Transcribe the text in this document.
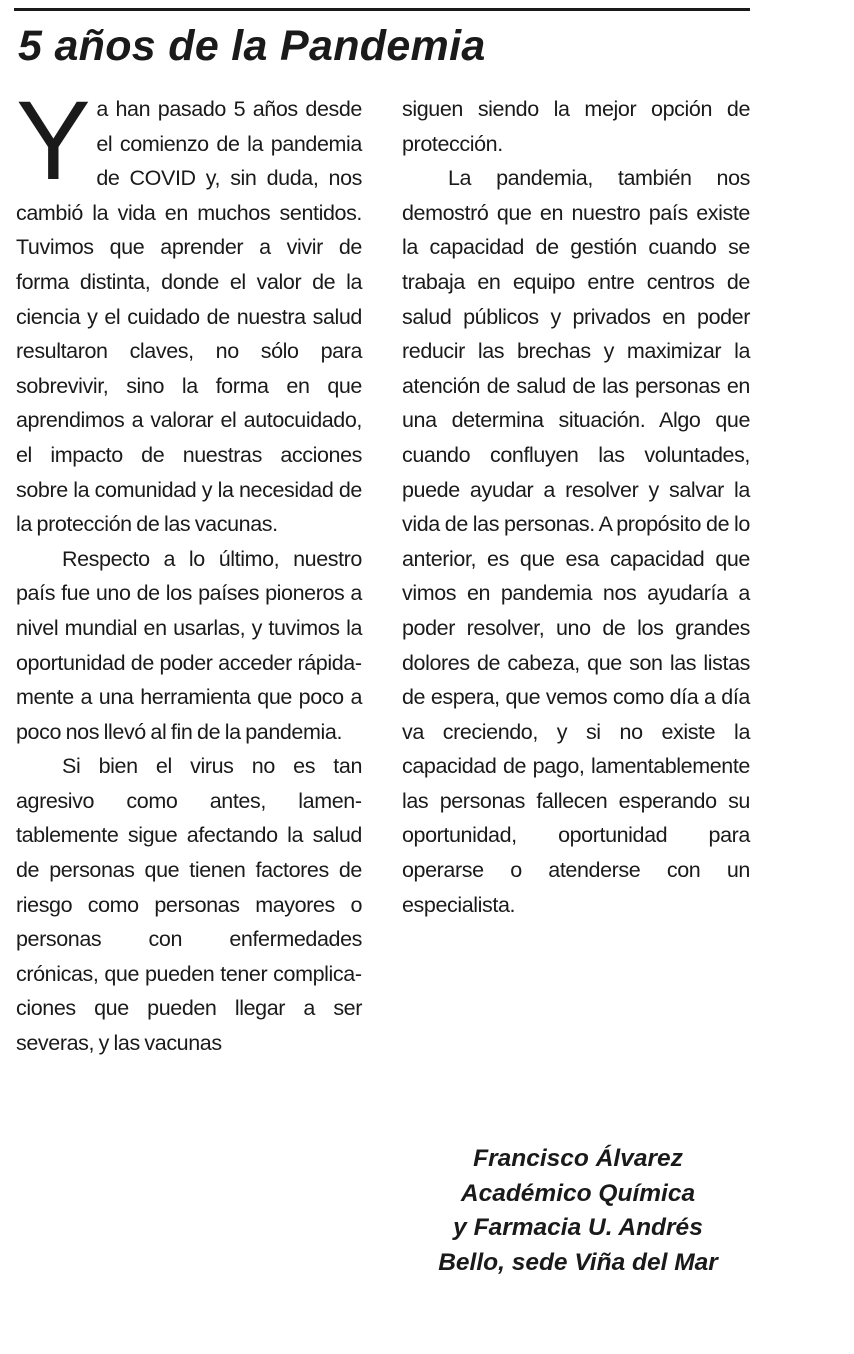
5 años de la Pandemia

Ya han pasado 5 años desde el comienzo de la pandemia de COVID y, sin duda, nos cambió la vida en muchos sentidos. Tuvimos que aprender a vivir de forma distinta, donde el valor de la ciencia y el cuidado de nuestra salud resultaron claves, no sólo para sobrevivir, sino la forma en que aprendimos a valorar el autocuidado, el impacto de nuestras acciones sobre la comunidad y la necesidad de la protección de las vacunas.

Respecto a lo último, nuestro país fue uno de los países pioneros a nivel mundial en usarlas, y tuvimos la oportunidad de poder acceder rápidamente a una herramienta que poco a poco nos llevó al fin de la pandemia.

Si bien el virus no es tan agresivo como antes, lamentablemente sigue afectando la salud de personas que tienen factores de riesgo como personas mayores o personas con enfermedades crónicas, que pueden tener complicaciones que pueden llegar a ser severas, y las vacunas

siguen siendo la mejor opción de protección.

La pandemia, también nos demostró que en nuestro país existe la capacidad de gestión cuando se trabaja en equipo entre centros de salud públicos y privados en poder reducir las brechas y maximizar la atención de salud de las personas en una determina situación. Algo que cuando confluyen las voluntades, puede ayudar a resolver y salvar la vida de las personas. A propósito de lo anterior, es que esa capacidad que vimos en pandemia nos ayudaría a poder resolver, uno de los grandes dolores de cabeza, que son las listas de espera, que vemos como día a día va creciendo, y si no existe la capacidad de pago, lamentablemente las personas fallecen esperando su oportunidad, oportunidad para operarse o atenderse con un especialista.

Francisco Álvarez
Académico Química
y Farmacia U. Andrés
Bello, sede Viña del Mar
